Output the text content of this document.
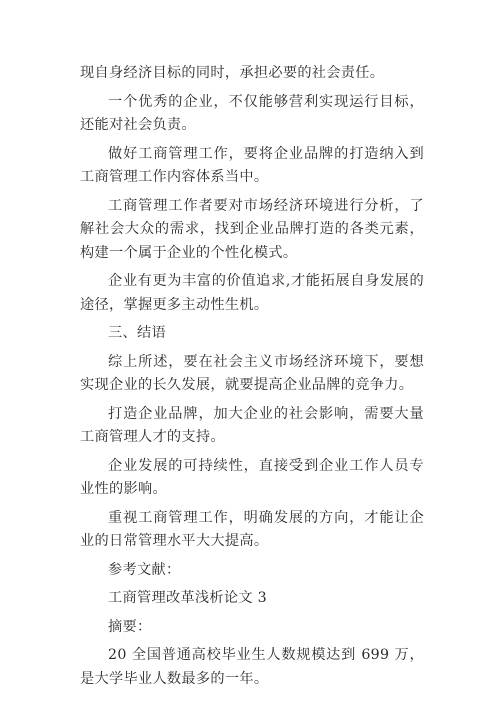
现自身经济目标的同时，承担必要的社会责任。

一个优秀的企业，不仅能够营利实现运行目标，还能对社会负责。

做好工商管理工作，要将企业品牌的打造纳入到工商管理工作内容体系当中。

工商管理工作者要对市场经济环境进行分析，了解社会大众的需求，找到企业品牌打造的各类元素，构建一个属于企业的个性化模式。

企业有更为丰富的价值追求,才能拓展自身发展的途径，掌握更多主动性生机。

三、结语

综上所述，要在社会主义市场经济环境下，要想实现企业的长久发展，就要提高企业品牌的竞争力。

打造企业品牌，加大企业的社会影响，需要大量工商管理人才的支持。

企业发展的可持续性，直接受到企业工作人员专业性的影响。

重视工商管理工作，明确发展的方向，才能让企业的日常管理水平大大提高。

参考文献：

工商管理改革浅析论文 3

摘要：

20 全国普通高校毕业生人数规模达到 699 万，是大学毕业人数最多的一年。
